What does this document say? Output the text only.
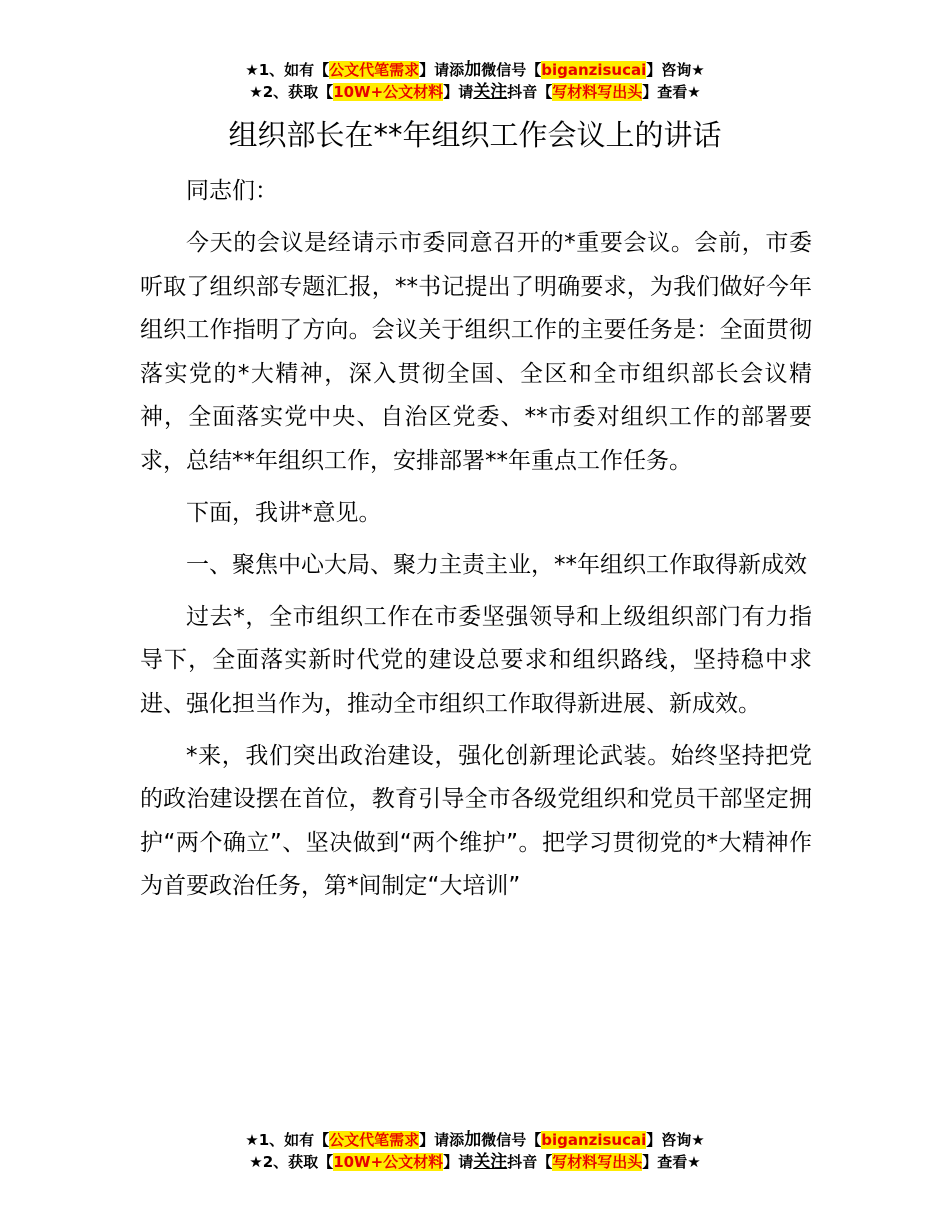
★1、如有【公文代笔需求】请添加微信号【biganzisucai】咨询★
★2、获取【10W+公文材料】请关注抖音【写材料写出头】查看★
组织部长在**年组织工作会议上的讲话

同志们：

今天的会议是经请示市委同意召开的*重要会议。会前，市委听取了组织部专题汇报，**书记提出了明确要求，为我们做好今年组织工作指明了方向。会议关于组织工作的主要任务是：全面贯彻落实党的*大精神，深入贯彻全国、全区和全市组织部长会议精神，全面落实党中央、自治区党委、**市委对组织工作的部署要求，总结**年组织工作，安排部署**年重点工作任务。

下面，我讲*意见。

一、聚焦中心大局、聚力主责主业，**年组织工作取得新成效

过去*，全市组织工作在市委坚强领导和上级组织部门有力指导下，全面落实新时代党的建设总要求和组织路线，坚持稳中求进、强化担当作为，推动全市组织工作取得新进展、新成效。

*来，我们突出政治建设，强化创新理论武装。始终坚持把党的政治建设摆在首位，教育引导全市各级党组织和党员干部坚定拥护“两个确立”、坚决做到“两个维护”。把学习贯彻党的*大精神作为首要政治任务，第*间制定“大培训”

★1、如有【公文代笔需求】请添加微信号【biganzisucai】咨询★
★2、获取【10W+公文材料】请关注抖音【写材料写出头】查看★
